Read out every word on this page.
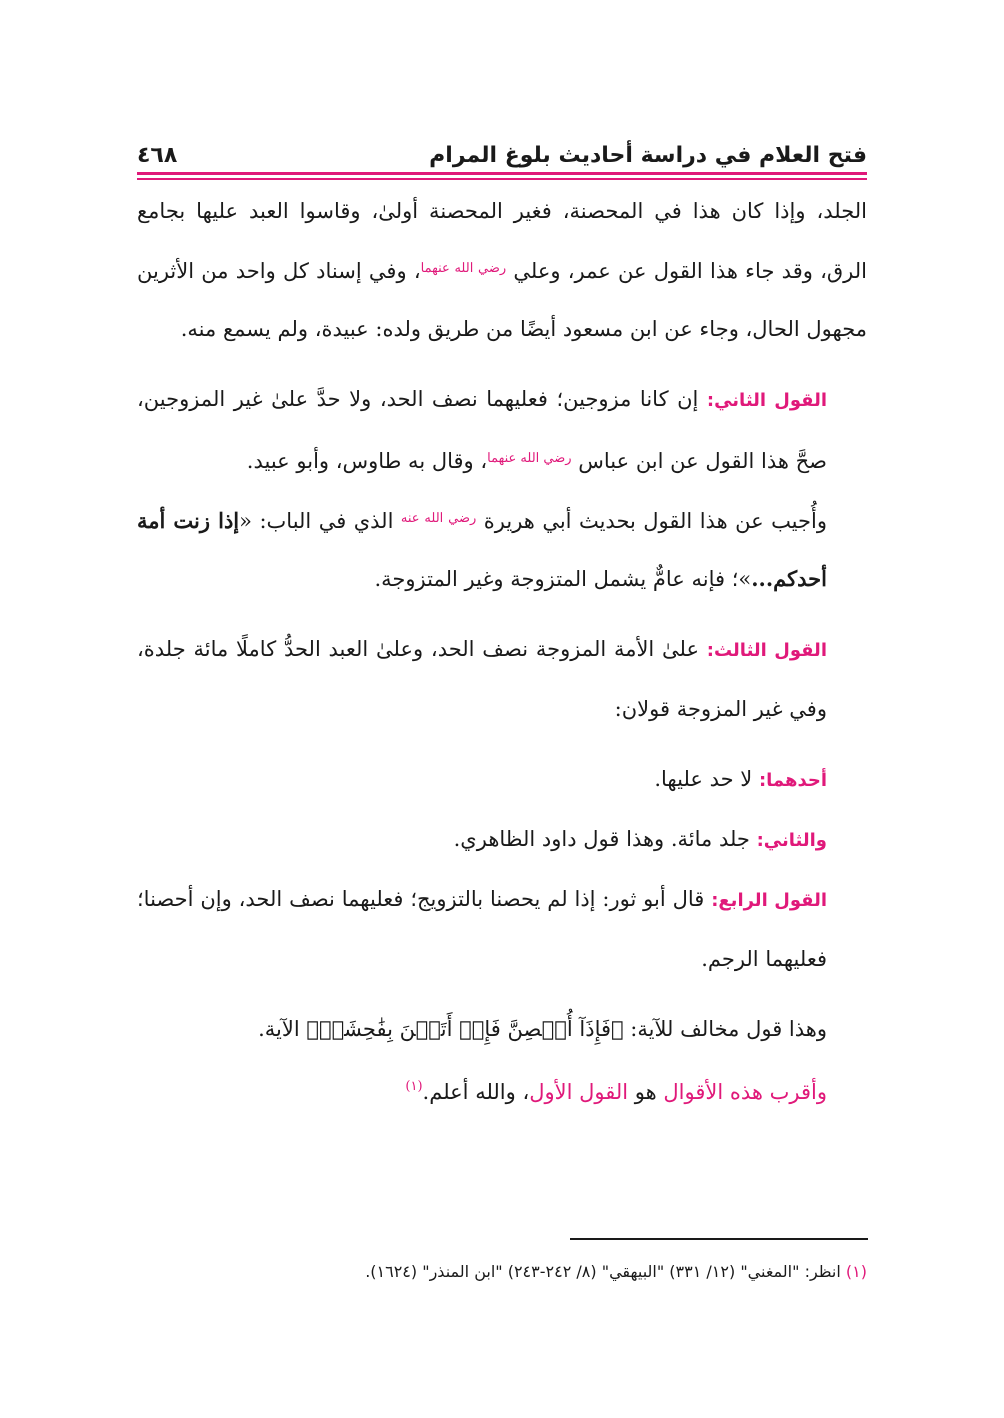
فتح العلام في دراسة أحاديث بلوغ المرام
٤٦٨

الجلد، وإذا كان هذا في المحصنة، فغير المحصنة أولىٰ، وقاسوا العبد عليها بجامع الرق، وقد جاء هذا القول عن عمر، وعلي $^{رضي الله عنهما}$، وفي إسناد كل واحد من الأثرين مجهول الحال، وجاء عن ابن مسعود أيضًا من طريق ولده: عبيدة، ولم يسمع منه.

القول الثاني: إن كانا مزوجين؛ فعليهما نصف الحد، ولا حدَّ علىٰ غير المزوجين، صحَّ هذا القول عن ابن عباس $^{رضي الله عنهما}$، وقال به طاوس، وأبو عبيد.

وأُجيب عن هذا القول بحديث أبي هريرة $^{رضي الله عنه}$ الذي في الباب: «إذا زنت أمة أحدكم...»؛ فإنه عامٌّ يشمل المتزوجة وغير المتزوجة.

القول الثالث: علىٰ الأمة المزوجة نصف الحد، وعلىٰ العبد الحدُّ كاملًا مائة جلدة، وفي غير المزوجة قولان:

أحدهما: لا حد عليها.

والثاني: جلد مائة. وهذا قول داود الظاهري.

القول الرابع: قال أبو ثور: إذا لم يحصنا بالتزويج؛ فعليهما نصف الحد، وإن أحصنا؛ فعليهما الرجم.

وهذا قول مخالف للآية: ﴿فَإِذَآ أُحۡصِنَّ فَإِنۡ أَتَيۡنَ بِفَٰحِشَةٖ﴾ الآية.

وأقرب هذه الأقوال هو القول الأول، والله أعلم.$^{(١)}$

(١) انظر: "المغني" (١٢/ ٣٣١) "البيهقي" (٨/ ٢٤٢-٢٤٣) "ابن المنذر" (١٦٢٤).
